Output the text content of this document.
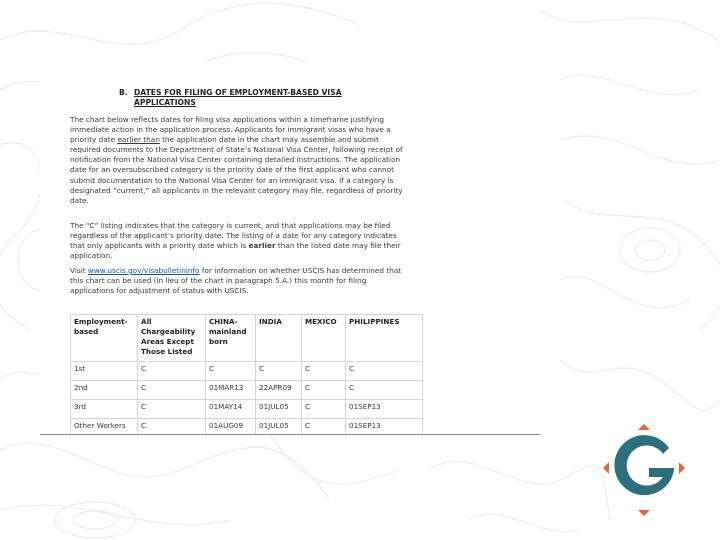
B. DATES FOR FILING OF EMPLOYMENT-BASED VISA APPLICATIONS

The chart below reflects dates for filing visa applications within a timeframe justifying immediate action in the application process. Applicants for immigrant visas who have a priority date earlier than the application date in the chart may assemble and submit required documents to the Department of State’s National Visa Center, following receipt of notification from the National Visa Center containing detailed instructions. The application date for an oversubscribed category is the priority date of the first applicant who cannot submit documentation to the National Visa Center for an immigrant visa. If a category is designated “current,” all applicants in the relevant category may file, regardless of priority date.

The “C” listing indicates that the category is current, and that applications may be filed regardless of the applicant’s priority date. The listing of a date for any category indicates that only applicants with a priority date which is earlier than the listed date may file their application.

Visit www.uscis.gov/visabulletininfo for information on whether USCIS has determined that this chart can be used (in lieu of the chart in paragraph 5.A.) this month for filing applications for adjustment of status with USCIS.

Employment-based	All Chargeability Areas Except Those Listed	CHINA-mainland born	INDIA	MEXICO	PHILIPPINES
1st	C	C	C	C	C
2nd	C	01MAR13	22APR09	C	C
3rd	C	01MAY14	01JUL05	C	01SEP13
Other Workers	C	01AUG09	01JUL05	C	01SEP13
